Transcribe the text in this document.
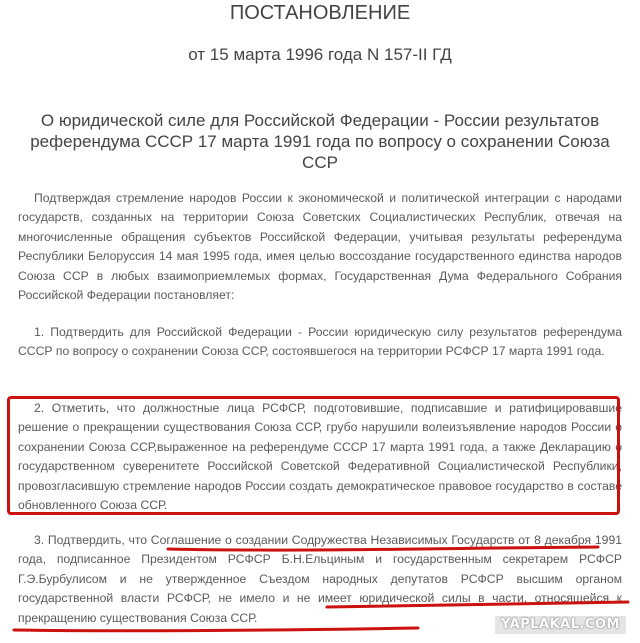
ПОСТАНОВЛЕНИЕ
от 15 марта 1996 года N 157-II ГД
О юридической силе для Российской Федерации - России результатов референдума СССР 17 марта 1991 года по вопросу о сохранении Союза ССР

Подтверждая стремление народов России к экономической и политической интеграции с народами государств, созданных на территории Союза Советских Социалистических Республик, отвечая на многочисленные обращения субъектов Российской Федерации, учитывая результаты референдума Республики Белоруссия 14 мая 1995 года, имея целью воссоздание государственного единства народов Союза ССР в любых взаимоприемлемых формах, Государственная Дума Федерального Собрания Российской Федерации постановляет:

1. Подтвердить для Российской Федерации - России юридическую силу результатов референдума СССР по вопросу о сохранении Союза ССР, состоявшегося на территории РСФСР 17 марта 1991 года.

2. Отметить, что должностные лица РСФСР, подготовившие, подписавшие и ратифицировавшие решение о прекращении существования Союза ССР, грубо нарушили волеизъявление народов России о сохранении Союза ССР,выраженное на референдуме СССР 17 марта 1991 года, а также Декларацию о государственном суверенитете Российской Советской Федеративной Социалистической Республики, провозгласившую стремление народов России создать демократическое правовое государство в составе обновленного Союза ССР.

3. Подтвердить, что Соглашение о создании Содружества Независимых Государств от 8 декабря 1991 года, подписанное Президентом РСФСР Б.Н.Ельциным и государственным секретарем РСФСР Г.Э.Бурбулисом и не утвержденное Съездом народных депутатов РСФСР высшим органом государственной власти РСФСР, не имело и не имеет юридической силы в части, относящейся к прекращению существования Союза ССР.	YAPLAKAL.COM
